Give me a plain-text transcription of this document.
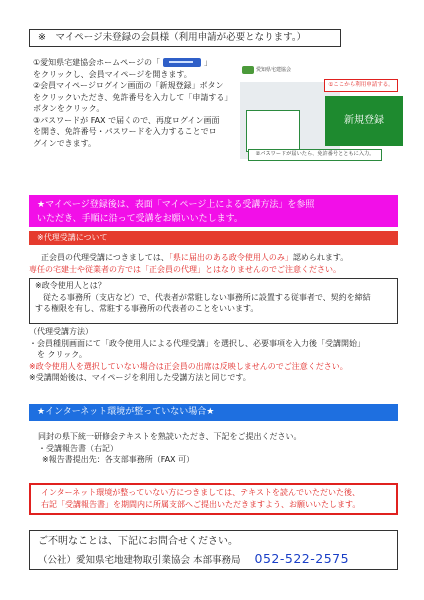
※　マイページ未登録の会員様（利用申請が必要となります。）

①愛知県宅建協会ホームページの「	」

をクリックし、会員マイページを開きます。

②会員マイページログイン画面の「新規登録」ボタン

をクリックいただき、免許番号を入力して「申請する」

ボタンをクリック。

③パスワードが FAX で届くので、再度ログイン画面

を開き、免許番号・パスワードを入力することでロ

グインできます。

愛知県宅建協会
新規登録
①ここから利用申請する。
②パスワードが届いたら、免許番号とともに入力。
★マイページ登録後は、表面「マイページ上による受講方法」を参照
いただき、手順に沿って受講をお願いいたします。
※代理受講について

正会員の代理受講につきましては、「県に届出のある政令使用人のみ」認められます。

専任の宅建士や従業者の方では「正会員の代理」とはなりませんのでご注意ください。

※政令使用人とは？

従たる事務所（支店など）で、代表者が常駐しない事務所に設置する従事者で、契約を締結

する権限を有し、常駐する事務所の代表者のことをいいます。

（代理受講方法）

・会員種別画面にて「政令使用人による代理受講」を選択し、必要事項を入力後「受講開始」

を クリック。

※政令使用人を選択していない場合は正会員の出席は反映しませんのでご注意ください。

※受講開始後は、マイページを利用した受講方法と同じです。

★インターネット環境が整っていない場合★

同封の県下統一研修会テキストを熟読いただき、下記をご提出ください。

・受講報告書（右記）

※報告書提出先：各支部事務所（FAX 可）

インターネット環境が整っていない方につきましては、テキストを読んでいただいた後、

右記「受講報告書」を期間内に所属支部へご提出いただきますよう、お願いいたします。

ご不明なことは、下記にお問合せください。
（公社）愛知県宅地建物取引業協会 本部事務局 052-522-2575
